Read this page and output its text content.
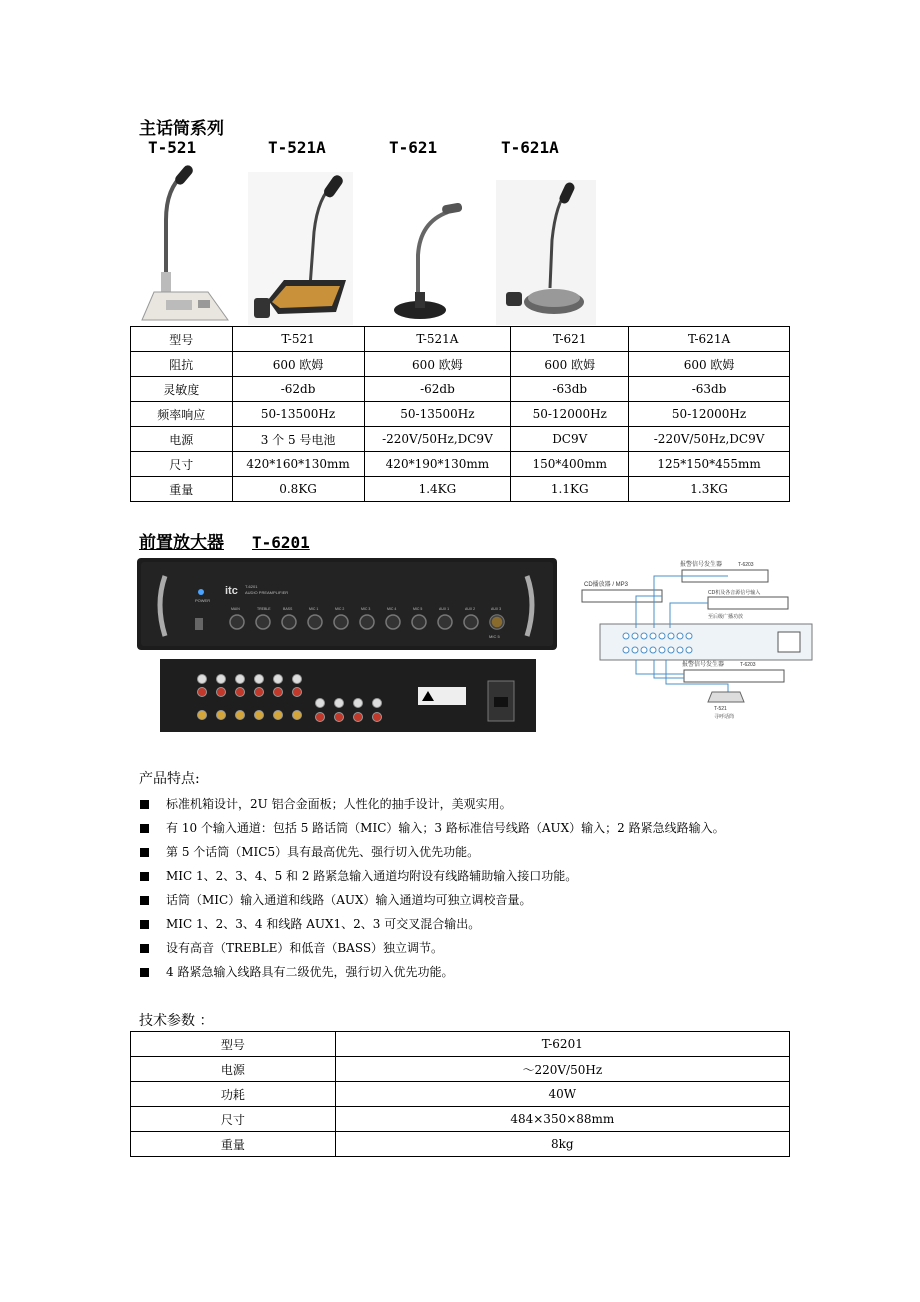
主话筒系列
T-521	T-521A	T-621	T-621A
型号	T-521	T-521A	T-621	T-621A
阻抗	600 欧姆	600 欧姆	600 欧姆	600 欧姆
灵敏度	-62db	-62db	-63db	-63db
频率响应	50-13500Hz	50-13500Hz	50-12000Hz	50-12000Hz
电源	3 个 5 号电池	-220V/50Hz,DC9V	DC9V	-220V/50Hz,DC9V
尺寸	420*160*130mm	420*190*130mm	150*400mm	125*150*455mm
重量	0.8KG	1.4KG	1.1KG	1.3KG
前置放大器 T-6201
POWER
itc T-6201
AUDIO PREAMPLIFIER
MAIN	TREBLE	BASS	MIC 1	MIC 2	MIC 3	MIC 4	MIC 5	AUX 1	AUX 2	AUX 3
MIC 5
CD播放器 / MP3
报警信号发生器	T-6203
CD机及各音源信号输入
至后级广播功放
报警信号发生器	T-6203
T-521
寻呼话筒
产品特点:
标准机箱设计，2U 铝合金面板；人性化的抽手设计，美观实用。
有 10 个输入通道：包括 5 路话筒（MIC）输入；3 路标准信号线路（AUX）输入；2 路紧急线路输入。
第 5 个话筒（MIC5）具有最高优先、强行切入优先功能。
MIC 1、2、3、4、5 和 2 路紧急输入通道均附设有线路辅助输入接口功能。
话筒（MIC）输入通道和线路（AUX）输入通道均可独立调校音量。
MIC 1、2、3、4 和线路 AUX1、2、3 可交叉混合输出。
设有高音（TREBLE）和低音（BASS）独立调节。
4 路紧急输入线路具有二级优先，强行切入优先功能。
技术参数 ：
型号	T-6201
电源	～220V/50Hz
功耗	40W
尺寸	484×350×88mm
重量	8kg
